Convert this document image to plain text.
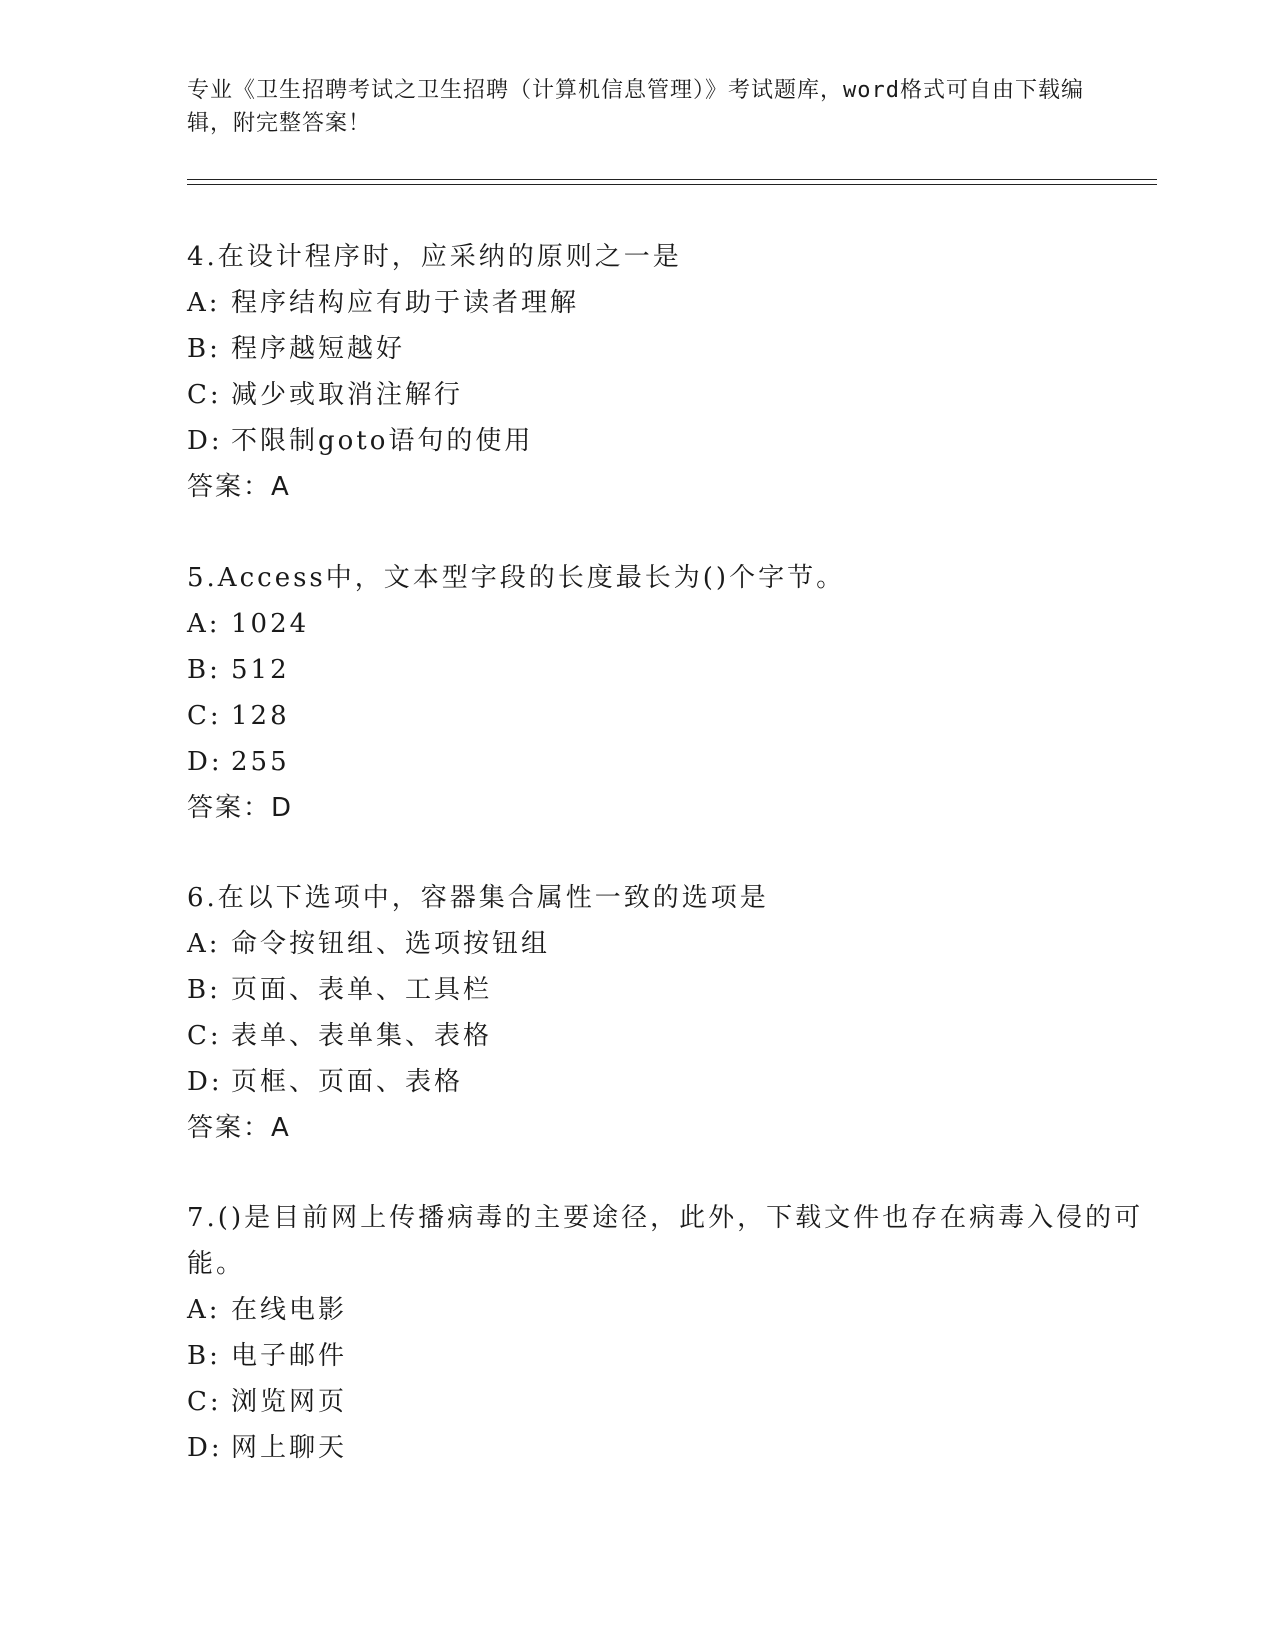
专业《卫生招聘考试之卫生招聘（计算机信息管理）》考试题库，word格式可自由下载编辑，附完整答案！
4.在设计程序时，应采纳的原则之一是
A: 程序结构应有助于读者理解
B: 程序越短越好
C: 减少或取消注解行
D: 不限制goto语句的使用
答案：A
5.Access中，文本型字段的长度最长为()个字节。
A: 1024
B: 512
C: 128
D: 255
答案：D
6.在以下选项中，容器集合属性一致的选项是
A: 命令按钮组、选项按钮组
B: 页面、表单、工具栏
C: 表单、表单集、表格
D: 页框、页面、表格
答案：A
7.()是目前网上传播病毒的主要途径，此外，下载文件也存在病毒入侵的可能。
A: 在线电影
B: 电子邮件
C: 浏览网页
D: 网上聊天
